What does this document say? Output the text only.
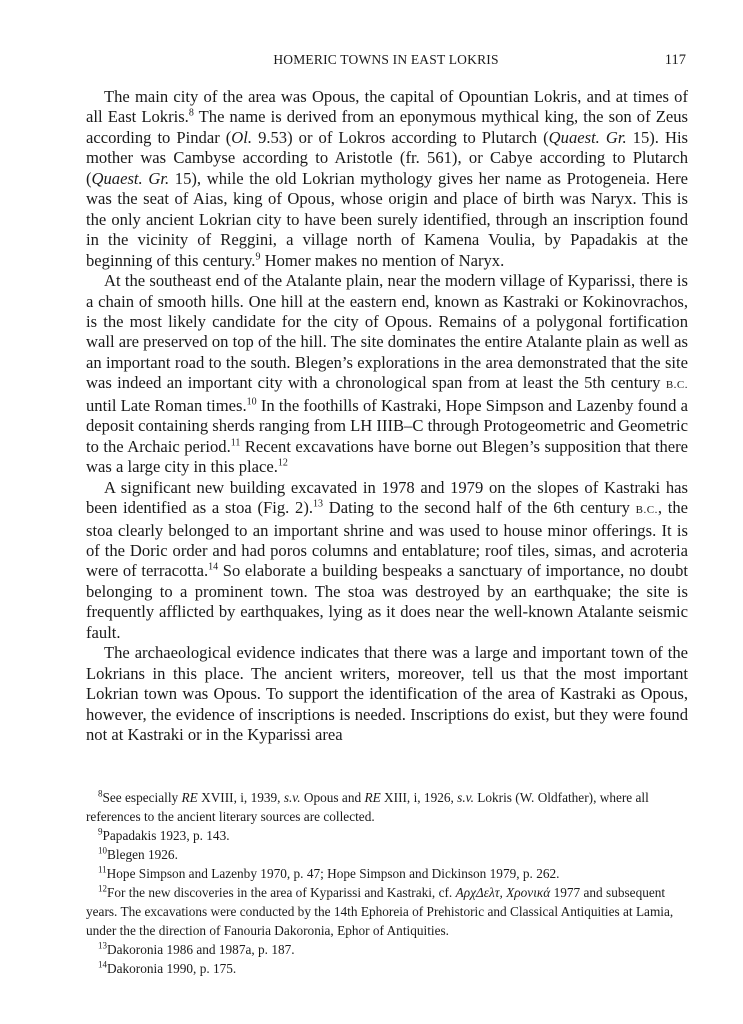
HOMERIC TOWNS IN EAST LOKRIS	117

The main city of the area was Opous, the capital of Opountian Lokris, and at times of all East Lokris.$^8$ The name is derived from an eponymous mythical king, the son of Zeus according to Pindar (Ol. 9.53) or of Lokros according to Plutarch (Quaest. Gr. 15). His mother was Cambyse according to Aristotle (fr. 561), or Cabye according to Plutarch (Quaest. Gr. 15), while the old Lokrian mythology gives her name as Protogeneia. Here was the seat of Aias, king of Opous, whose origin and place of birth was Naryx. This is the only ancient Lokrian city to have been surely identified, through an inscription found in the vicinity of Reggini, a village north of Kamena Voulia, by Papadakis at the beginning of this century.$^9$ Homer makes no mention of Naryx.

At the southeast end of the Atalante plain, near the modern village of Kyparissi, there is a chain of smooth hills. One hill at the eastern end, known as Kastraki or Kokinovrachos, is the most likely candidate for the city of Opous. Remains of a polygonal fortification wall are preserved on top of the hill. The site dominates the entire Atalante plain as well as an important road to the south. Blegen’s explorations in the area demonstrated that the site was indeed an important city with a chronological span from at least the 5th century B.C. until Late Roman times.$^{10}$ In the foothills of Kastraki, Hope Simpson and Lazenby found a deposit containing sherds ranging from LH IIIB–C through Protogeometric and Geometric to the Archaic period.$^{11}$ Recent excavations have borne out Blegen’s supposition that there was a large city in this place.$^{12}$

A significant new building excavated in 1978 and 1979 on the slopes of Kastraki has been identified as a stoa (Fig. 2).$^{13}$ Dating to the second half of the 6th century B.C., the stoa clearly belonged to an important shrine and was used to house minor offerings. It is of the Doric order and had poros columns and entablature; roof tiles, simas, and acroteria were of terracotta.$^{14}$ So elaborate a building bespeaks a sanctuary of importance, no doubt belonging to a prominent town. The stoa was destroyed by an earthquake; the site is frequently afflicted by earthquakes, lying as it does near the well-known Atalante seismic fault.

The archaeological evidence indicates that there was a large and important town of the Lokrians in this place. The ancient writers, moreover, tell us that the most important Lokrian town was Opous. To support the identification of the area of Kastraki as Opous, however, the evidence of inscriptions is needed. Inscriptions do exist, but they were found not at Kastraki or in the Kyparissi area

$^8$See especially RE XVIII, i, 1939, s.v. Opous and RE XIII, i, 1926, s.v. Lokris (W. Oldfather), where all references to the ancient literary sources are collected.

$^9$Papadakis 1923, p. 143.

$^{10}$Blegen 1926.

$^{11}$Hope Simpson and Lazenby 1970, p. 47; Hope Simpson and Dickinson 1979, p. 262.

$^{12}$For the new discoveries in the area of Kyparissi and Kastraki, cf. ΑρχΔελτ, Χρονικά 1977 and subsequent years. The excavations were conducted by the 14th Ephoreia of Prehistoric and Classical Antiquities at Lamia, under the the direction of Fanouria Dakoronia, Ephor of Antiquities.

$^{13}$Dakoronia 1986 and 1987a, p. 187.

$^{14}$Dakoronia 1990, p. 175.
